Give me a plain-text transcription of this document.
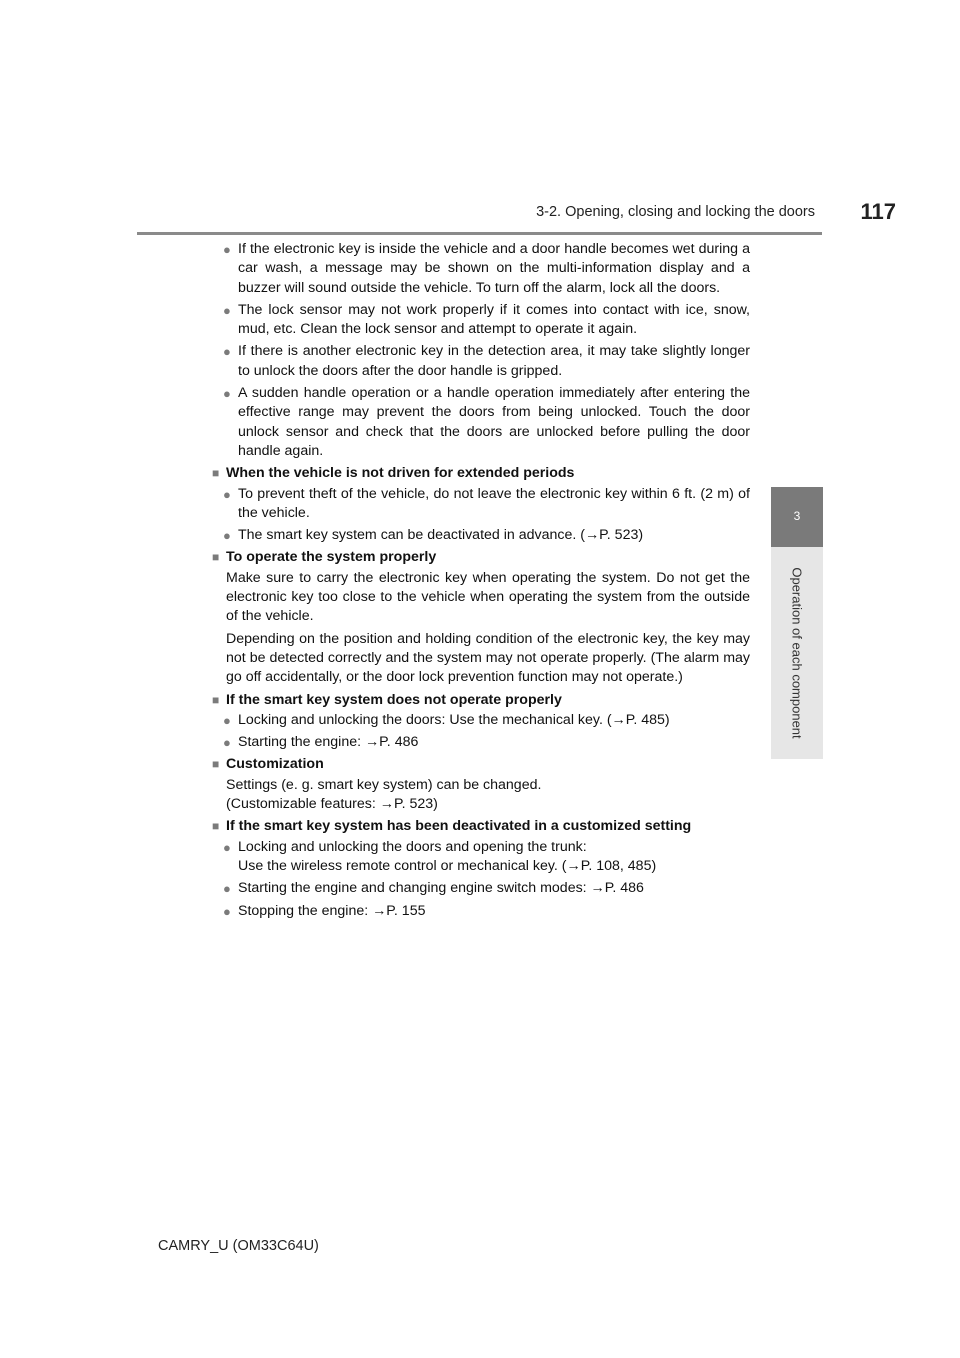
3-2. Opening, closing and locking the doors 117
3
Operation of each component
● If the electronic key is inside the vehicle and a door handle becomes wet during a car wash, a message may be shown on the multi-information display and a buzzer will sound outside the vehicle. To turn off the alarm, lock all the doors.
● The lock sensor may not work properly if it comes into contact with ice, snow, mud, etc. Clean the lock sensor and attempt to operate it again.
● If there is another electronic key in the detection area, it may take slightly longer to unlock the doors after the door handle is gripped.
● A sudden handle operation or a handle operation immediately after entering the effective range may prevent the doors from being unlocked. Touch the door unlock sensor and check that the doors are unlocked before pulling the door handle again.
■ When the vehicle is not driven for extended periods
● To prevent theft of the vehicle, do not leave the electronic key within 6 ft. (2 m) of the vehicle.
● The smart key system can be deactivated in advance. (→P. 523)
■ To operate the system properly
Make sure to carry the electronic key when operating the system. Do not get the electronic key too close to the vehicle when operating the system from the outside of the vehicle.
Depending on the position and holding condition of the electronic key, the key may not be detected correctly and the system may not operate properly. (The alarm may go off accidentally, or the door lock prevention function may not operate.)
■ If the smart key system does not operate properly
● Locking and unlocking the doors: Use the mechanical key. (→P. 485)
● Starting the engine: →P. 486
■ Customization
Settings (e. g. smart key system) can be changed.
(Customizable features: →P. 523)
■ If the smart key system has been deactivated in a customized setting
● Locking and unlocking the doors and opening the trunk:
Use the wireless remote control or mechanical key. (→P. 108, 485)
● Starting the engine and changing engine switch modes: →P. 486
● Stopping the engine: →P. 155
CAMRY_U (OM33C64U)
